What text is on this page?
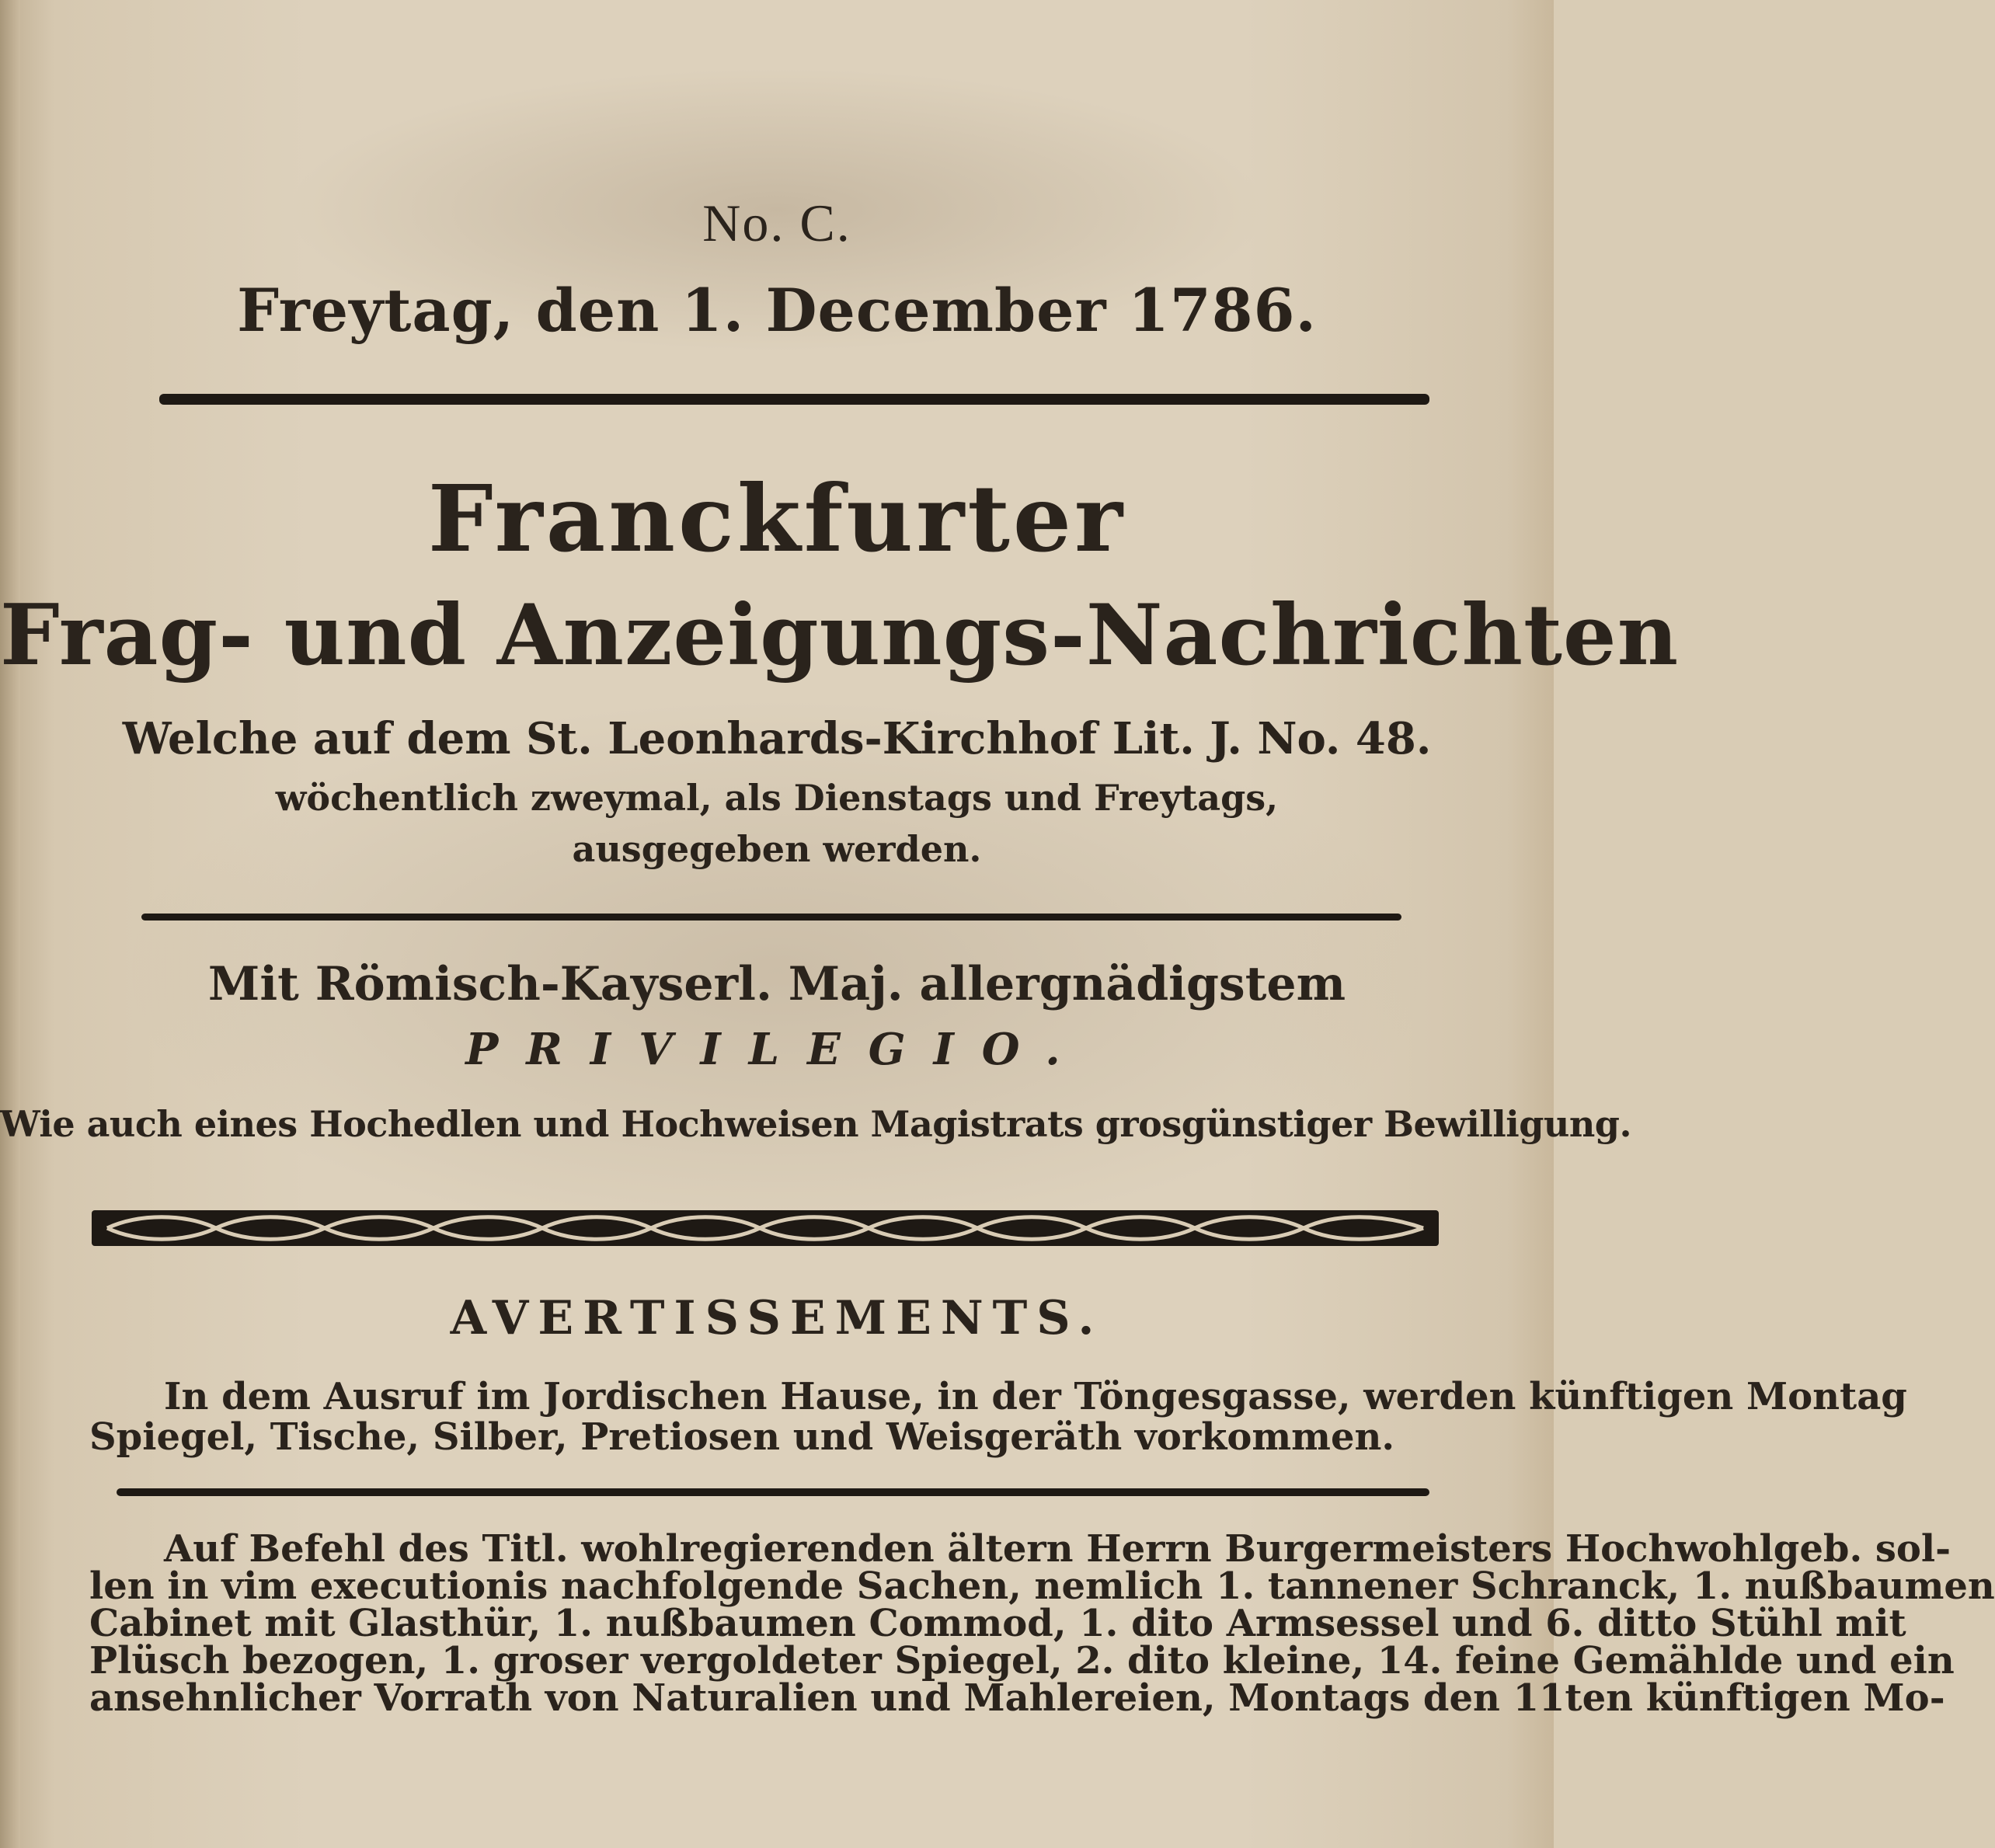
No. C.
Freytag, den 1. December 1786.
Franckfurter
Frag- und Anzeigungs-Nachrichten
Welche auf dem St. Leonhards-Kirchhof Lit. J. No. 48.
wöchentlich zweymal, als Dienstags und Freytags,
ausgegeben werden.
Mit Römisch-Kayserl. Maj. allergnädigstem
PRIVILEGIO.
Wie auch eines Hochedlen und Hochweisen Magistrats grosgünstiger Bewilligung.
AVERTISSEMENTS.
In dem Ausruf im Jordischen Hause, in der Töngesgasse, werden künftigen Montag
Spiegel, Tische, Silber, Pretiosen und Weisgeräth vorkommen.
Auf Befehl des Titl. wohlregierenden ältern Herrn Burgermeisters Hochwohlgeb. sol-
len in vim executionis nachfolgende Sachen, nemlich 1. tannener Schranck, 1. nußbaumen
Cabinet mit Glasthür, 1. nußbaumen Commod, 1. dito Armsessel und 6. ditto Stühl mit
Plüsch bezogen, 1. groser vergoldeter Spiegel, 2. dito kleine, 14. feine Gemählde und ein
ansehnlicher Vorrath von Naturalien und Mahlereien, Montags den 11ten künftigen Mo-
